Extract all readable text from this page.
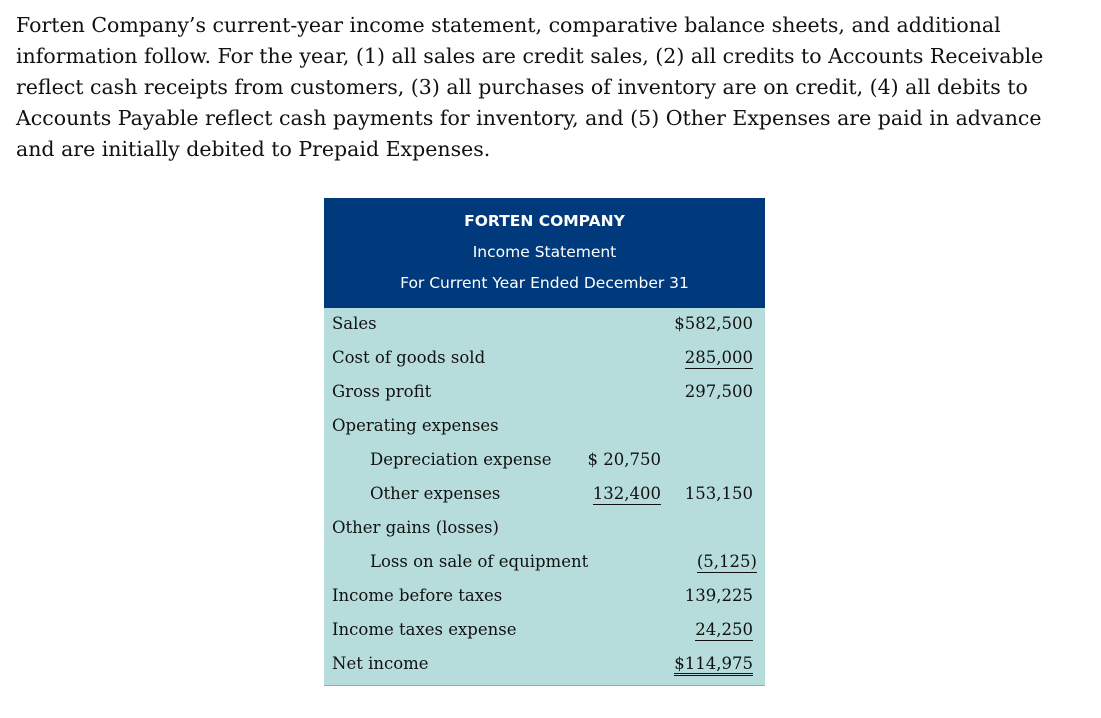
Forten Company’s current-year income statement, comparative balance sheets, and additional information follow. For the year, (1) all sales are credit sales, (2) all credits to Accounts Receivable reflect cash receipts from customers, (3) all purchases of inventory are on credit, (4) all debits to Accounts Payable reflect cash payments for inventory, and (5) Other Expenses are paid in advance and are initially debited to Prepaid Expenses.

FORTEN COMPANY
Income Statement
For Current Year Ended December 31
Sales	$582,500
Cost of goods sold	285,000
Gross profit	297,500
Operating expenses
Depreciation expense $ 20,750
Other expenses	132,400 153,150
Other gains (losses)
Loss on sale of equipment	(5,125)
Income before taxes	139,225
Income taxes expense	24,250
Net income	$114,975
